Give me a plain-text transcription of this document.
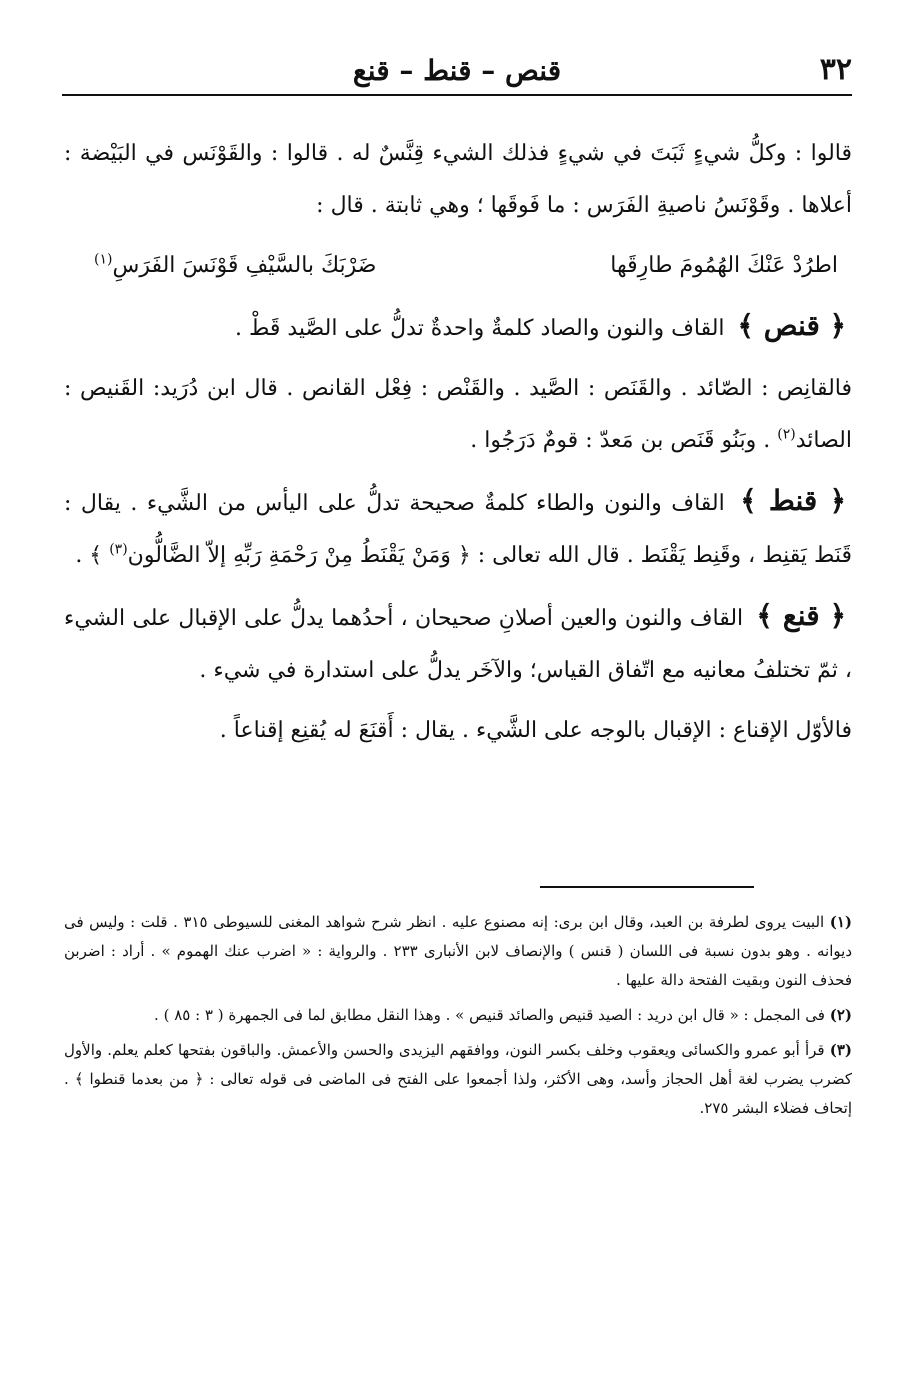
٣٢
قنص – قنط – قنع

قالوا : وكلُّ شيءٍ ثَبَتَ في شيءٍ فذلك الشيء قِنَّسٌ له . قالوا : والقَوْنَس في البَيْضة : أعلاها . وقَوْنَسُ ناصيةِ الفَرَس : ما فَوقَها ؛ وهي ثابتة . قال :

اطرُدْ عَنْكَ الهُمُومَ طارِقَها
ضَرْبَكَ بالسَّيْفِ قَوْنَسَ الفَرَسِ$^{(١)}$

﴿ قنص ﴾ القاف والنون والصاد كلمةٌ واحدةٌ تدلُّ على الصَّيد قَطْ .

فالقانِص : الصّائد . والقَنَص : الصَّيد . والقَنْص : فِعْل القانص . قال ابن دُرَيد: القَنيص : الصائد$^{(٢)}$ . وبَنُو قَنَص بن مَعدّ : قومٌ دَرَجُوا .

﴿ قنط ﴾ القاف والنون والطاء كلمةٌ صحيحة تدلُّ على اليأس من الشَّيء . يقال : قَنَط يَقنِط ، وقَنِط يَقْنَط . قال الله تعالى : ﴿ وَمَنْ يَقْنَطُ مِنْ رَحْمَةِ رَبِّهِ إلاّ الضَّالُّون$^{(٣)}$ ﴾ .

﴿ قنع ﴾ القاف والنون والعين أصلانِ صحيحان ، أحدُهما يدلُّ على الإقبال على الشيء ، ثمّ تختلفُ معانيه مع اتّفاق القياس؛ والآخَر يدلُّ على استدارة في شيء .

فالأوّل الإقناع : الإقبال بالوجه على الشَّيء . يقال : أَقنَعَ له يُقنِع إقناعاً .

(١) البيت يروى لطرفة بن العبد، وقال ابن برى: إنه مصنوع عليه . انظر شرح شواهد المغنى للسيوطى ٣١٥ . قلت : وليس فى ديوانه . وهو بدون نسبة فى اللسان ( قنس ) والإنصاف لابن الأنبارى ٢٣٣ . والرواية : « اضرب عنك الهموم » . أراد : اضربن فحذف النون وبقيت الفتحة دالة عليها .

(٢) فى المجمل : « قال ابن دريد : الصيد قنيص والصائد قنيص » . وهذا النقل مطابق لما فى الجمهرة ( ٣ : ٨٥ ) .

(٣) قرأ أبو عمرو والكسائى ويعقوب وخلف بكسر النون، ووافقهم اليزيدى والحسن والأعمش. والباقون بفتحها كعلم يعلم. والأول كضرب يضرب لغة أهل الحجاز وأسد، وهى الأكثر، ولذا أجمعوا على الفتح فى الماضى فى قوله تعالى : ﴿ من بعدما قنطوا ﴾ . إتحاف فضلاء البشر ٢٧٥.
